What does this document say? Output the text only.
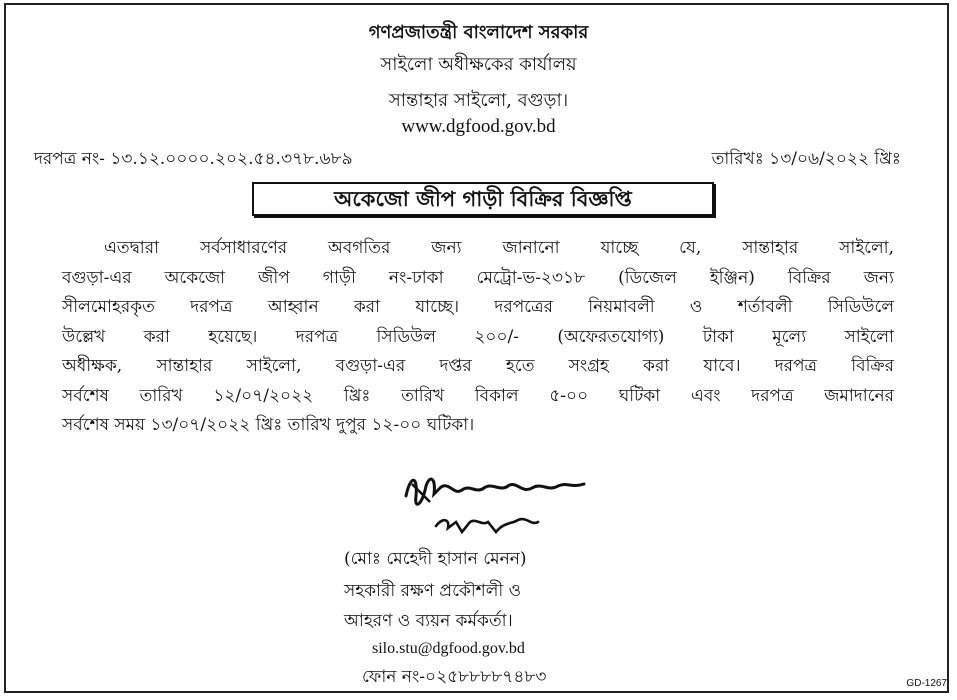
গণপ্রজাতন্ত্রী বাংলাদেশ সরকার
সাইলো অধীক্ষকের কার্যালয়
সান্তাহার সাইলো, বগুড়া।
www.dgfood.gov.bd
দরপত্র নং- ১৩.১২.০০০০.২০২.৫৪.৩৭৮.৬৮৯	তারিখঃ ১৩/০৬/২০২২ খ্রিঃ
অকেজো জীপ গাড়ী বিক্রির বিজ্ঞপ্তি
এতদ্বারা সর্বসাধারণের অবগতির জন্য জানানো যাচ্ছে যে, সান্তাহার সাইলো,
বগুড়া-এর অকেজো জীপ গাড়ী নং-ঢাকা মেট্রো-ভ-২৩১৮ (ডিজেল ইঞ্জিন) বিক্রির জন্য
সীলমোহরকৃত দরপত্র আহ্বান করা যাচ্ছে। দরপত্রের নিয়মাবলী ও শর্তাবলী সিডিউলে
উল্লেখ করা হয়েছে। দরপত্র সিডিউল ২০০/- (অফেরতযোগ্য) টাকা মূল্যে সাইলো
অধীক্ষক, সান্তাহার সাইলো, বগুড়া-এর দপ্তর হতে সংগ্রহ করা যাবে। দরপত্র বিক্রির
সর্বশেষ তারিখ ১২/০৭/২০২২ খ্রিঃ তারিখ বিকাল ৫-০০ ঘটিকা এবং দরপত্র জমাদানের
সর্বশেষ সময় ১৩/০৭/২০২২ খ্রিঃ তারিখ দুপুর ১২-০০ ঘটিকা।
(মোঃ মেহেদী হাসান মেনন)
সহকারী রক্ষণ প্রকৌশলী ও
আহরণ ও ব্যয়ন কর্মকর্তা।
silo.stu@dgfood.gov.bd
ফোন নং-০২৫৮৮৮৮৭৪৮৩	GD-1267
